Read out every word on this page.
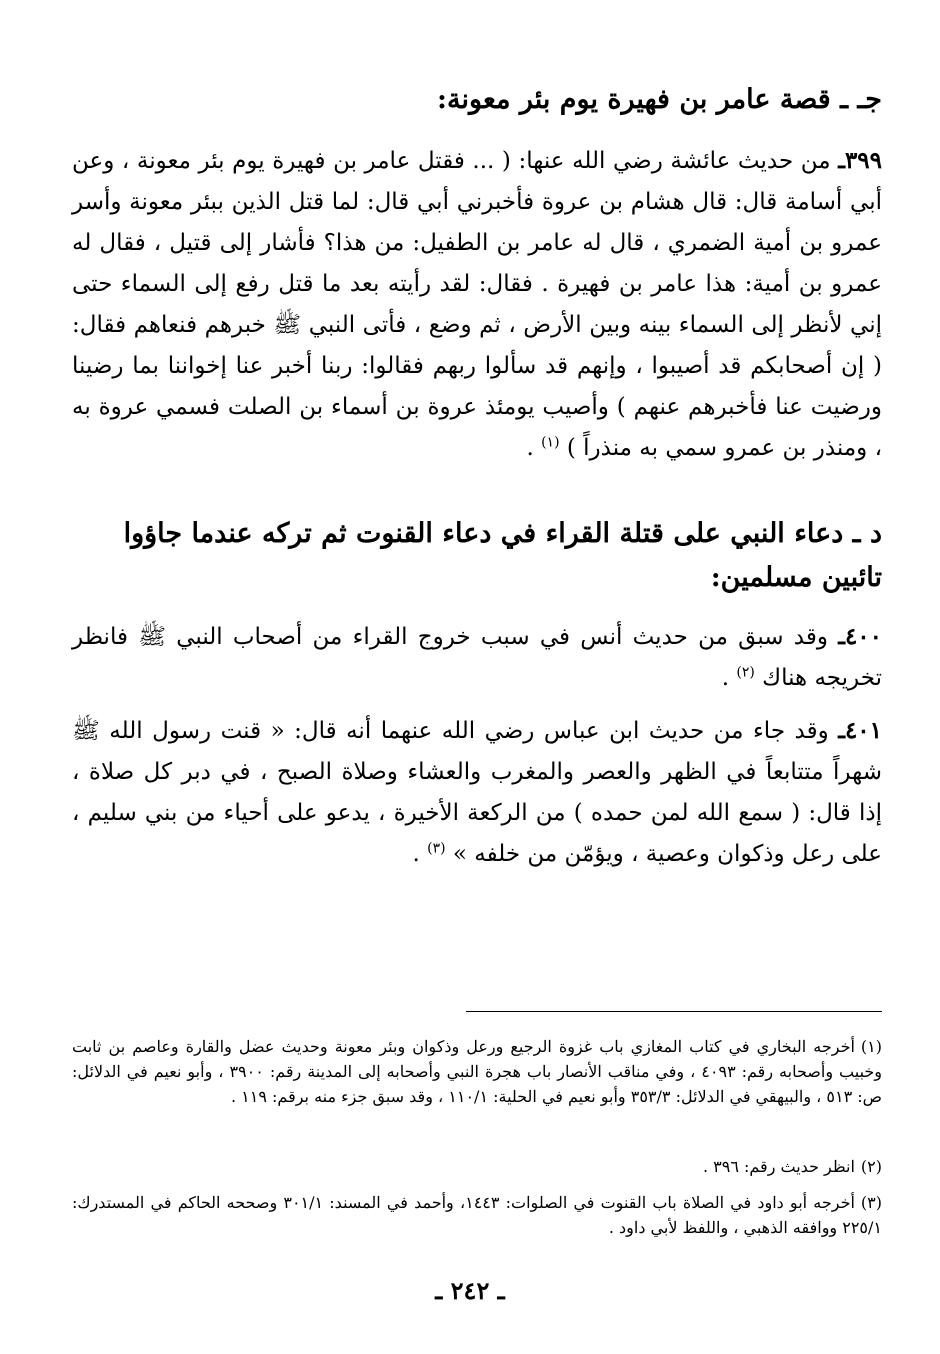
جـ ـ قصة عامر بن فهيرة يوم بئر معونة:

٣٩٩ـ من حديث عائشة رضي الله عنها: ( ... فقتل عامر بن فهيرة يوم بئر معونة ، وعن أبي أسامة قال: قال هشام بن عروة فأخبرني أبي قال: لما قتل الذين ببئر معونة وأسر عمرو بن أمية الضمري ، قال له عامر بن الطفيل: من هذا؟ فأشار إلى قتيل ، فقال له عمرو بن أمية: هذا عامر بن فهيرة . فقال: لقد رأيته بعد ما قتل رفع إلى السماء حتى إني لأنظر إلى السماء بينه وبين الأرض ، ثم وضع ، فأتى النبي ﷺ خبرهم فنعاهم فقال: ( إن أصحابكم قد أصيبوا ، وإنهم قد سألوا ربهم فقالوا: ربنا أخبر عنا إخواننا بما رضينا ورضيت عنا فأخبرهم عنهم ) وأصيب يومئذ عروة بن أسماء بن الصلت فسمي عروة به ، ومنذر بن عمرو سمي به منذراً ) $^{(١)}$ .

د ـ دعاء النبي على قتلة القراء في دعاء القنوت ثم تركه عندما جاؤوا تائبين مسلمين:

٤٠٠ـ وقد سبق من حديث أنس في سبب خروج القراء من أصحاب النبي ﷺ فانظر تخريجه هناك $^{(٢)}$ .

٤٠١ـ وقد جاء من حديث ابن عباس رضي الله عنهما أنه قال: « قنت رسول الله ﷺ شهراً متتابعاً في الظهر والعصر والمغرب والعشاء وصلاة الصبح ، في دبر كل صلاة ، إذا قال: ( سمع الله لمن حمده ) من الركعة الأخيرة ، يدعو على أحياء من بني سليم ، على رعل وذكوان وعصية ، ويؤمّن من خلفه » $^{(٣)}$ .

(١)أخرجه البخاري في كتاب المغازي باب غزوة الرجيع ورعل وذكوان وبئر معونة وحديث عضل والقارة وعاصم بن ثابت وخبيب وأصحابه رقم: ٤٠٩٣ ، وفي مناقب الأنصار باب هجرة النبي وأصحابه إلى المدينة رقم: ٣٩٠٠ ، وأبو نعيم في الدلائل: ص: ٥١٣ ، والبيهقي في الدلائل: ٣٥٣/٣ وأبو نعيم في الحلية: ١١٠/١ ، وقد سبق جزء منه برقم: ١١٩ .

(٢)انظر حديث رقم: ٣٩٦ .

(٣)أخرجه أبو داود في الصلاة باب القنوت في الصلوات: ١٤٤٣، وأحمد في المسند: ٣٠١/١ وصححه الحاكم في المستدرك: ٢٢٥/١ ووافقه الذهبي ، واللفظ لأبي داود .

ـ ٢٤٢ ـ
